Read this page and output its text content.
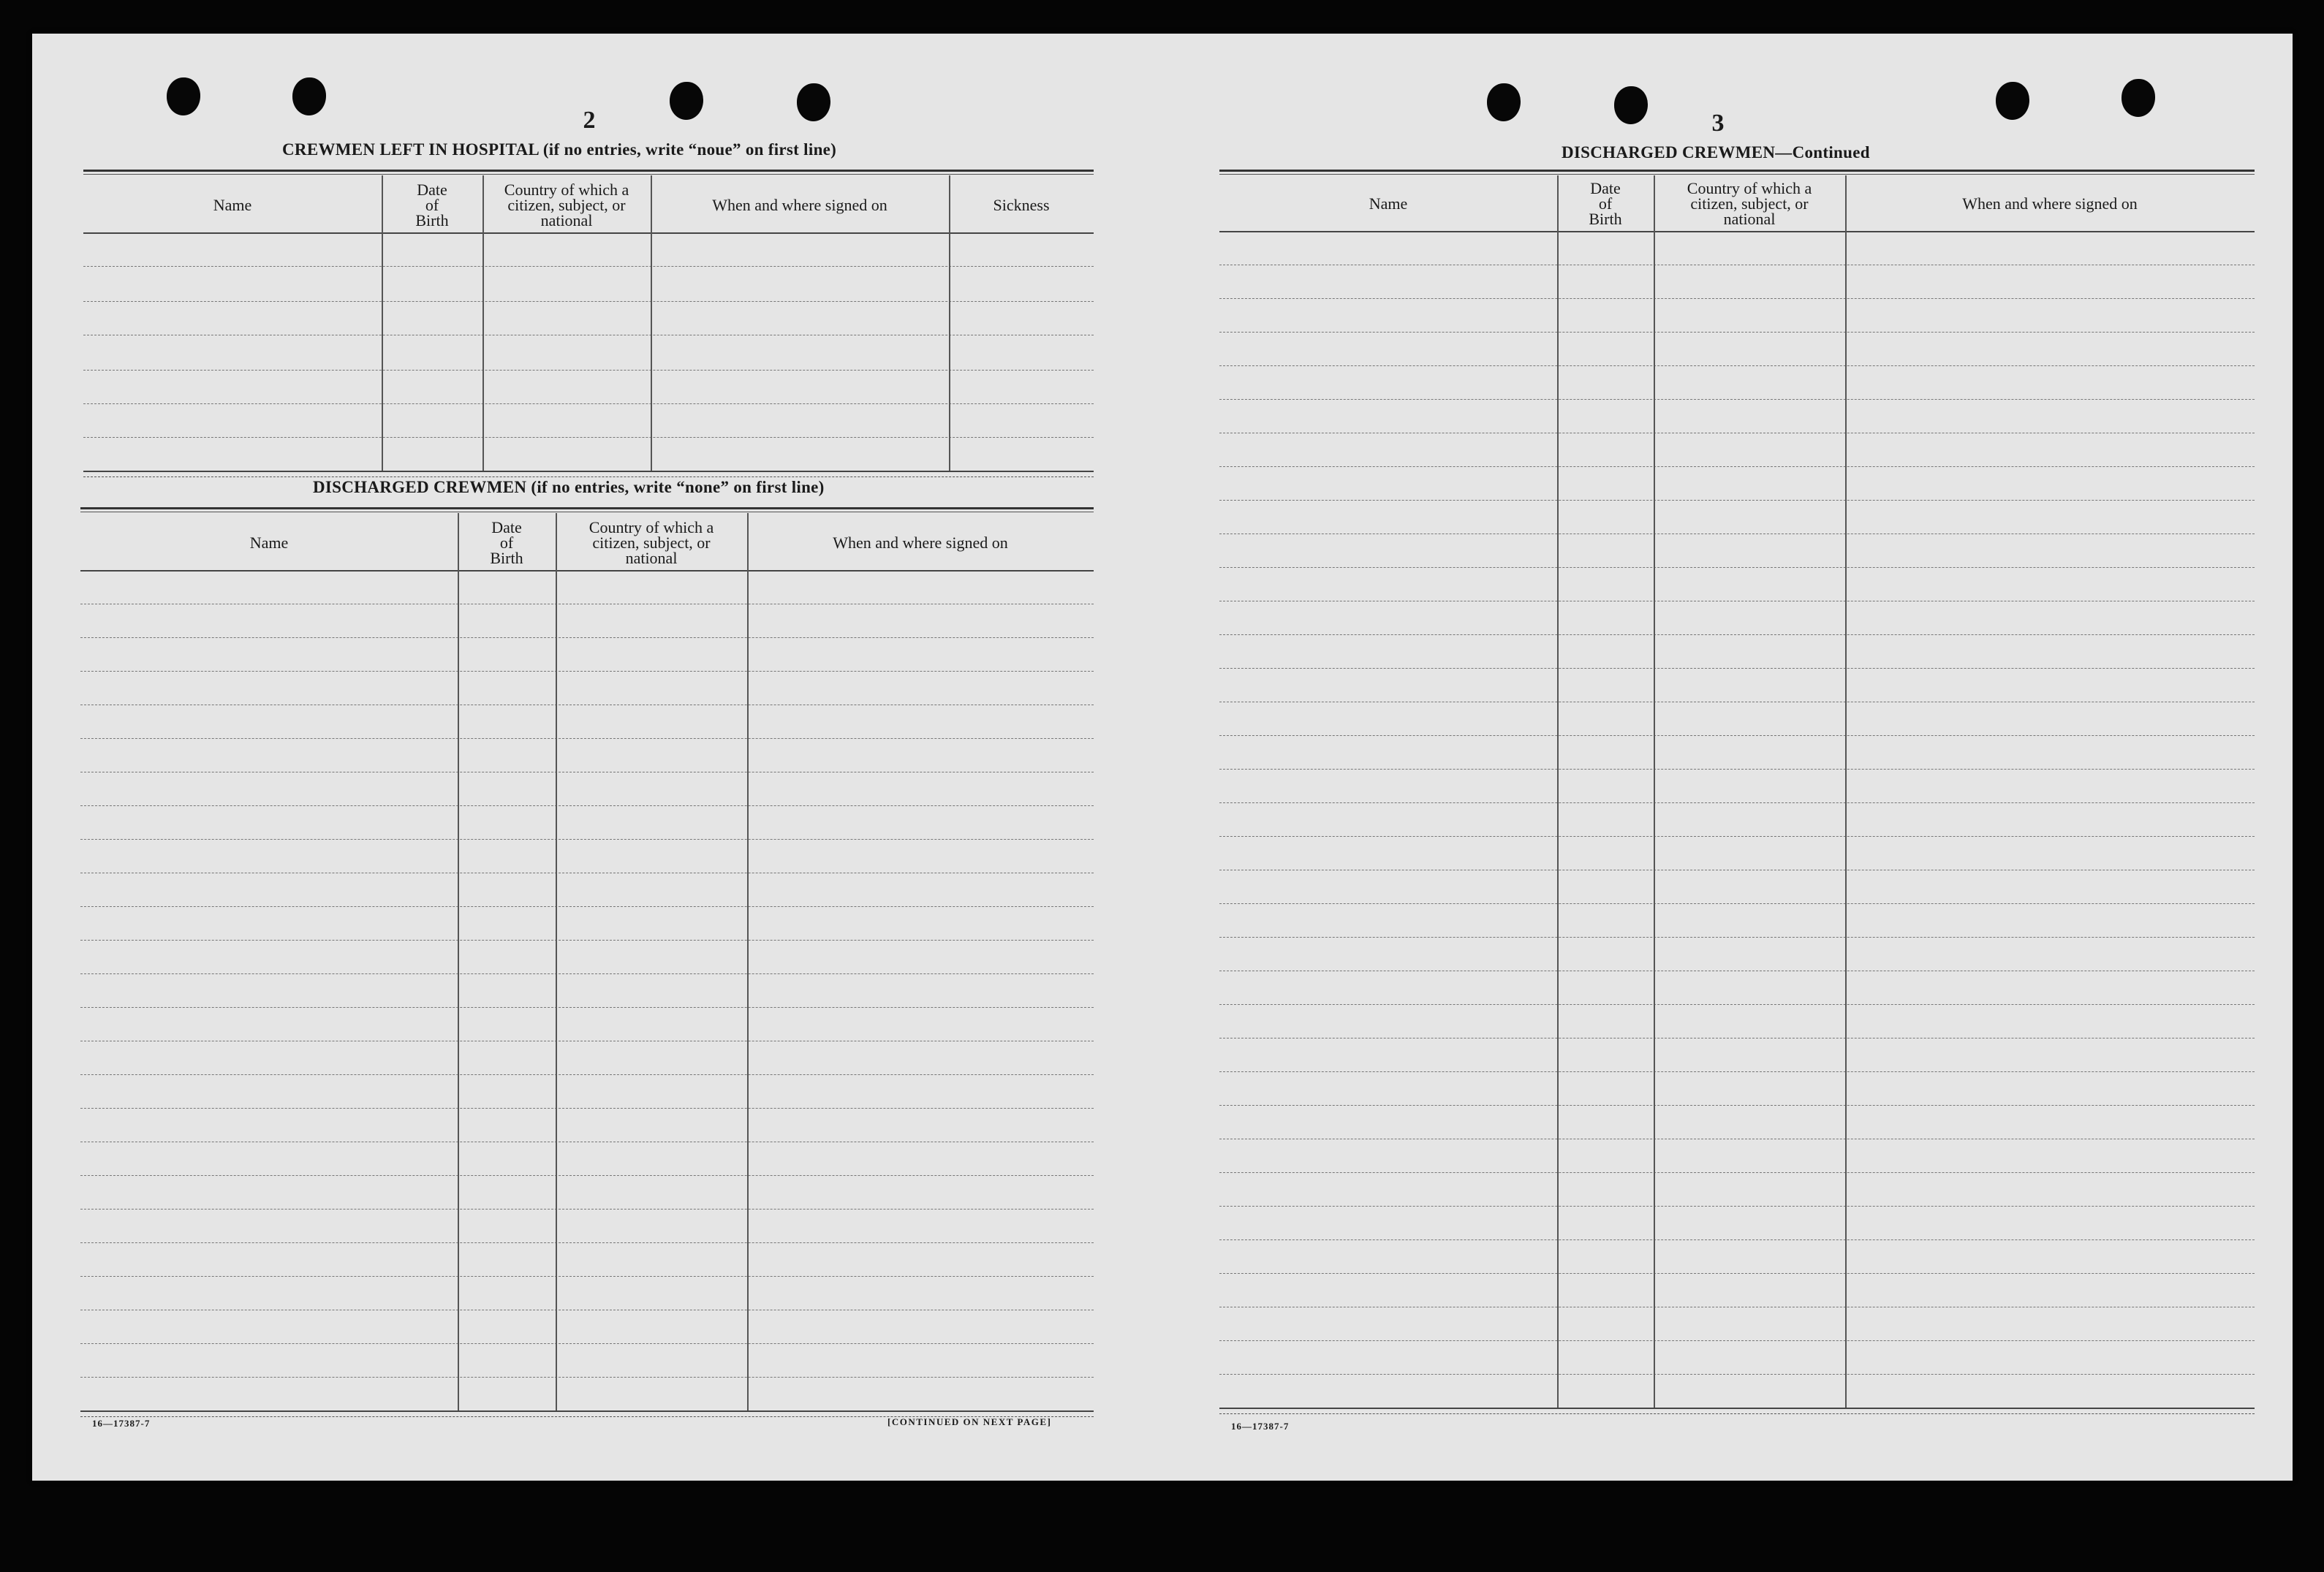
2
CREWMEN LEFT IN HOSPITAL (if no entries, write “noue” on first line)
Name
Date
of
Birth
Country of which a
citizen, subject, or
national
When and where signed on	Sickness
DISCHARGED CREWMEN (if no entries, write “none” on first line)
Name
Date
of
Birth
Country of which a
citizen, subject, or
national
When and where signed on
16—17387-7	[CONTINUED ON NEXT PAGE]
3
DISCHARGED CREWMEN—Continued
Name
Date
of
Birth
Country of which a
citizen, subject, or
national
When and where signed on
16—17387-7
